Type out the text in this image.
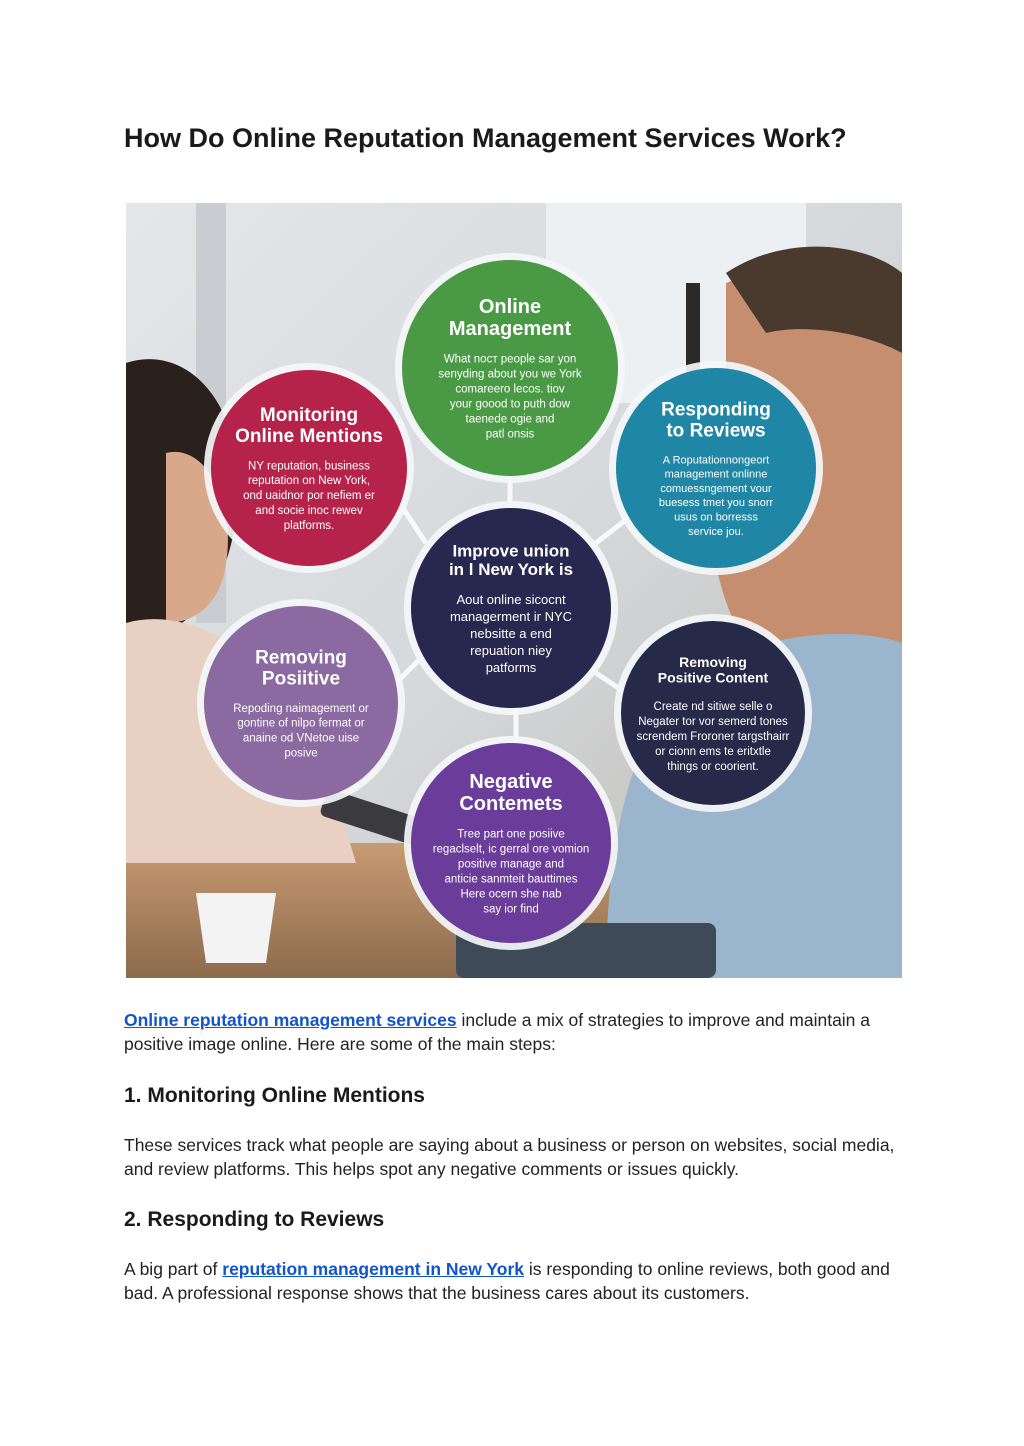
How Do Online Reputation Management Services Work?
Online
Management
What nост people sar yon
senyding about you we York
comareero lecos. tiov
your goood to puth dow
taenede ogie and
patl onsis
Monitoring
Online Mentions
NY reputation, business
reputation on New York,
ond uaidnor por nefiem er
and socie inoc rewev
platforms.
Responding
to Reviews
A Roputationnongeort
management onlinne
comuessngement vour
buesess tmet you snorr
usus on borresss
service jou.
Improve union
in l New York is
Aout online sicocnt
managerment ir NYC
nebsitte a end
repuation niey
patforms
Removing
Posiitive
Repoding naimagement or
gontine of nilpo fermat or
anaine od VNetoe uise
posive
Removing
Positive Content
Create nd sitiwe selle o
Negater tor vor semerd tones
screndem Froroner targsthairr
or cionn ems te eritxtle
things or coorient.
Negative
Contemets
Tree part one posiive
regaclselt, ic gerral ore vomion
positive manage and
anticie sanmteit bauttimes
Here ocern she nab
say ior find

Online reputation management services include a mix of strategies to improve and maintain a positive image online. Here are some of the main steps:

1. Monitoring Online Mentions

These services track what people are saying about a business or person on websites, social media, and review platforms. This helps spot any negative comments or issues quickly.

2. Responding to Reviews

A big part of reputation management in New York is responding to online reviews, both good and bad. A professional response shows that the business cares about its customers.
